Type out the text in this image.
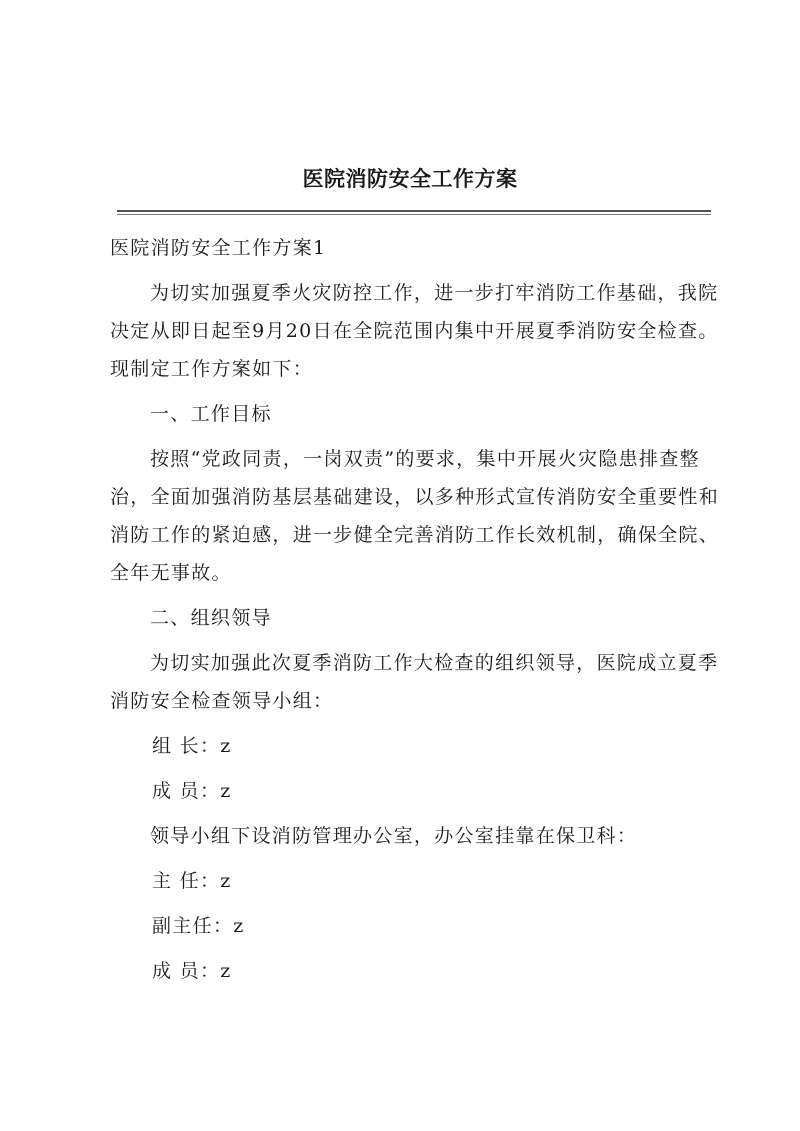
医院消防安全工作方案

医院消防安全工作方案1

为切实加强夏季火灾防控工作，进一步打牢消防工作基础，我院决定从即日起至9月20日在全院范围内集中开展夏季消防安全检查。现制定工作方案如下：

一、工作目标

按照“党政同责，一岗双责”的要求，集中开展火灾隐患排查整治，全面加强消防基层基础建设，以多种形式宣传消防安全重要性和消防工作的紧迫感，进一步健全完善消防工作长效机制，确保全院、全年无事故。

二、组织领导

为切实加强此次夏季消防工作大检查的组织领导，医院成立夏季消防安全检查领导小组：

组 长：z

成 员：z

领导小组下设消防管理办公室，办公室挂靠在保卫科：

主 任：z

副主任：z

成 员：z
